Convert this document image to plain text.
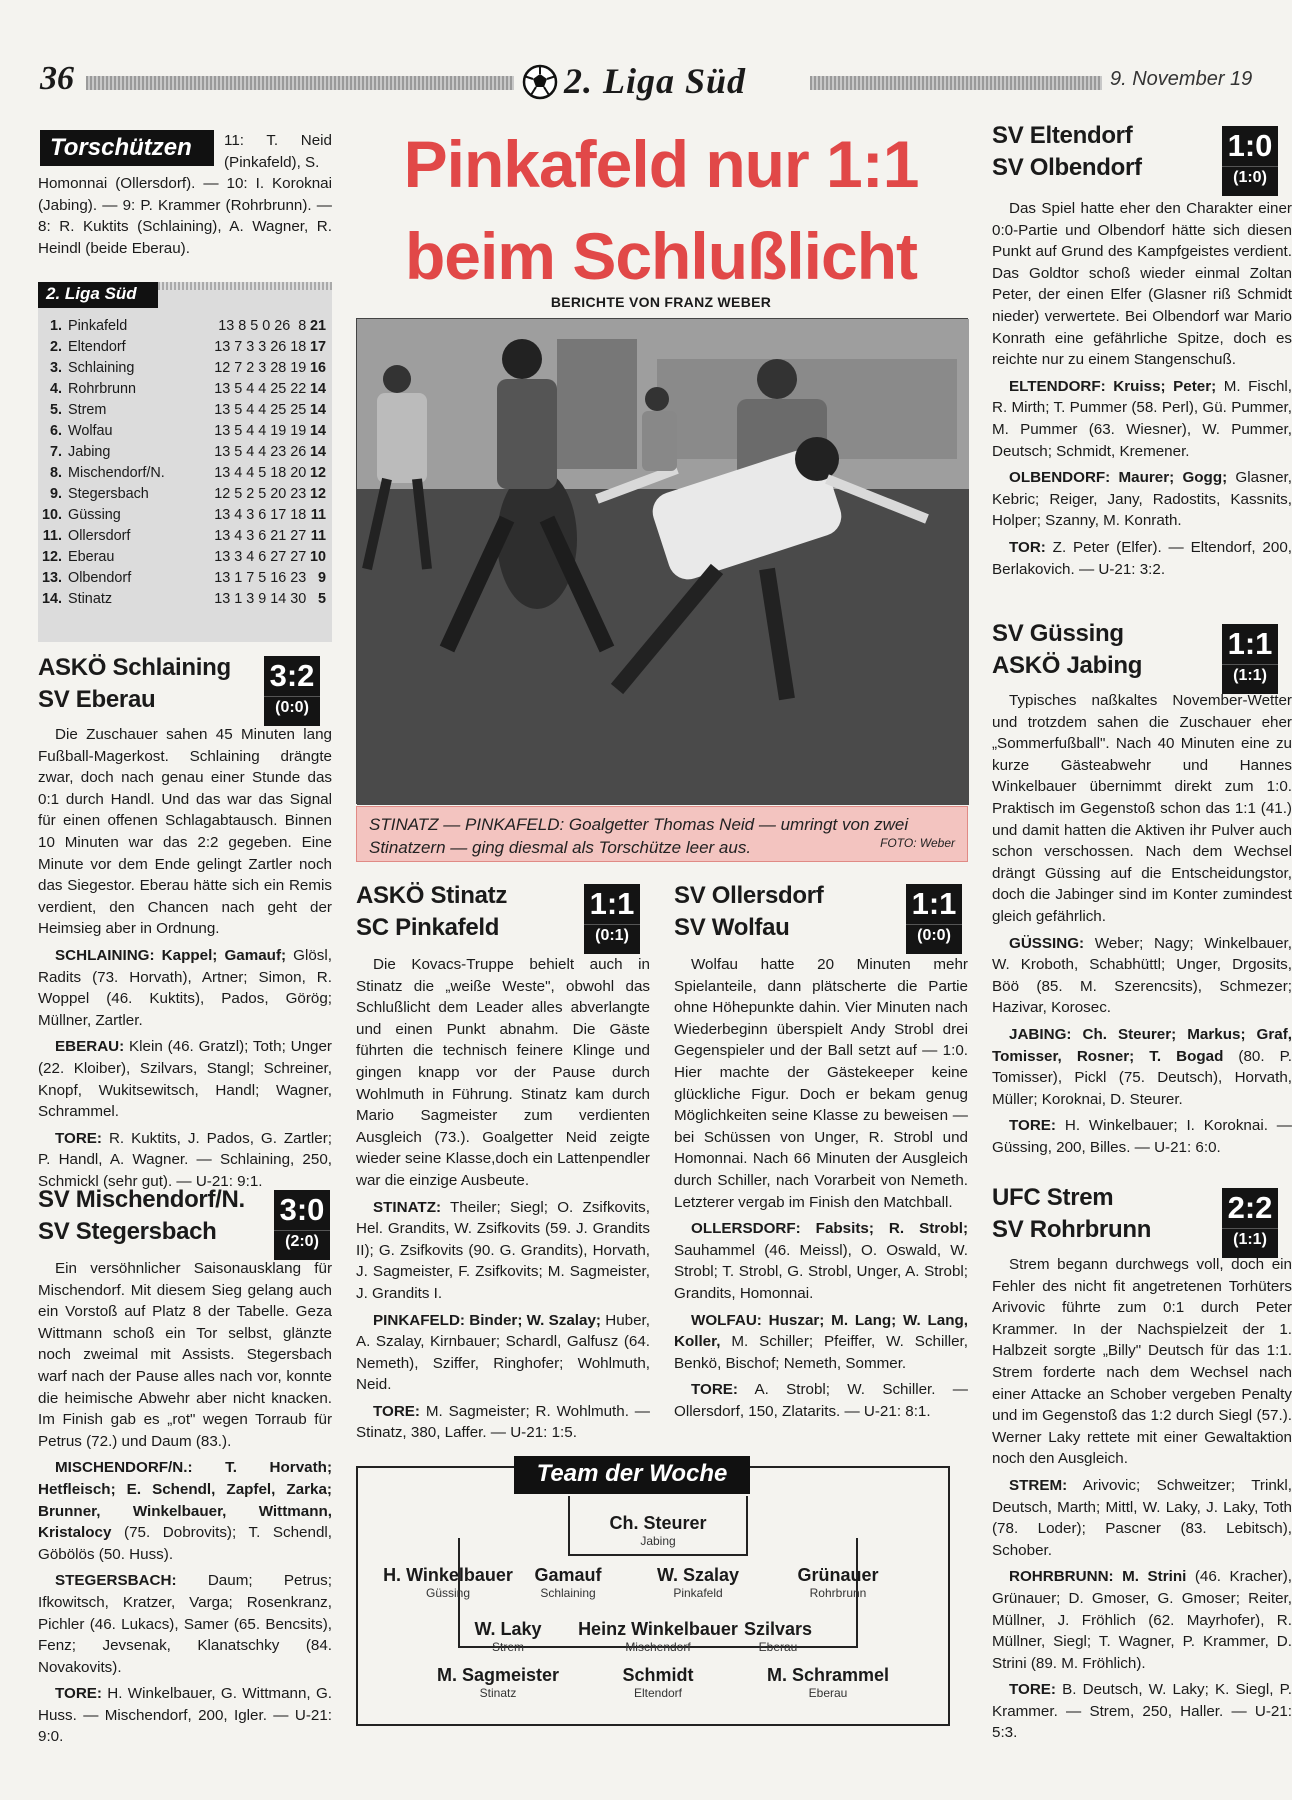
36	2. Liga Süd	9. November 19
Torschützen	11: T. Neid (Pinkafeld), S.
Homonnai (Ollersdorf). — 10: I. Koroknai (Jabing). — 9: P. Krammer (Rohrbrunn). — 8: R. Kuktits (Schlaining), A. Wagner, R. Heindl (beide Eberau).
2. Liga Süd
1.	Pinkafeld	13 8 5 0 26  8	21
2.	Eltendorf	13 7 3 3 26 18	17
3.	Schlaining	12 7 2 3 28 19	16
4.	Rohrbrunn	13 5 4 4 25 22	14
5.	Strem	13 5 4 4 25 25	14
6.	Wolfau	13 5 4 4 19 19	14
7.	Jabing	13 5 4 4 23 26	14
8.	Mischendorf/N.	13 4 4 5 18 20	12
9.	Stegersbach	12 5 2 5 20 23	12
10.	Güssing	13 4 3 6 17 18	11
11.	Ollersdorf	13 4 3 6 21 27	11
12.	Eberau	13 3 4 6 27 27	10
13.	Olbendorf	13 1 7 5 16 23	9
14.	Stinatz	13 1 3 9 14 30	5
ASKÖ Schlaining
SV Eberau
3:2
(0:0)

Die Zuschauer sahen 45 Minuten lang Fußball-Magerkost. Schlaining drängte zwar, doch nach genau einer Stunde das 0:1 durch Handl. Und das war das Signal für einen offenen Schlagabtausch. Binnen 10 Minuten war das 2:2 gegeben. Eine Minute vor dem Ende gelingt Zartler noch das Siegestor. Eberau hätte sich ein Remis verdient, den Chancen nach geht der Heimsieg aber in Ordnung.

SCHLAINING: Kappel; Gamauf; Glösl, Radits (73. Horvath), Artner; Simon, R. Woppel (46. Kuktits), Pados, Görög; Müllner, Zartler.

EBERAU: Klein (46. Gratzl); Toth; Unger (22. Kloiber), Szilvars, Stangl; Schreiner, Knopf, Wukitsewitsch, Handl; Wagner, Schrammel.

TORE: R. Kuktits, J. Pados, G. Zartler; P. Handl, A. Wagner. — Schlaining, 250, Schmickl (sehr gut). — U-21: 9:1.

SV Mischendorf/N.
SV Stegersbach
3:0
(2:0)

Ein versöhnlicher Saisonausklang für Mischendorf. Mit diesem Sieg gelang auch ein Vorstoß auf Platz 8 der Tabelle. Geza Wittmann schoß ein Tor selbst, glänzte noch zweimal mit Assists. Stegersbach warf nach der Pause alles nach vor, konnte die heimische Abwehr aber nicht knacken. Im Finish gab es „rot" wegen Torraub für Petrus (72.) und Daum (83.).

MISCHENDORF/N.: T. Horvath; Hetfleisch; E. Schendl, Zapfel, Zarka; Brunner, Winkelbauer, Wittmann, Kristalocy (75. Dobrovits); T. Schendl, Göbölös (50. Huss).

STEGERSBACH: Daum; Petrus; Ifkowitsch, Kratzer, Varga; Rosenkranz, Pichler (46. Lukacs), Samer (65. Bencsits), Fenz; Jevsenak, Klanatschky (84. Novakovits).

TORE: H. Winkelbauer, G. Wittmann, G. Huss. — Mischendorf, 200, Igler. — U-21: 9:0.

Pinkafeld nur 1:1
beim Schlußlicht
BERICHTE VON FRANZ WEBER
STINATZ — PINKAFELD: Goalgetter Thomas Neid — umringt von zwei Stinatzern — ging diesmal als Torschütze leer aus.	FOTO: Weber
ASKÖ Stinatz
SC Pinkafeld
1:1
(0:1)

Die Kovacs-Truppe behielt auch in Stinatz die „weiße Weste", obwohl das Schlußlicht dem Leader alles abverlangte und einen Punkt abnahm. Die Gäste führten die technisch feinere Klinge und gingen knapp vor der Pause durch Wohlmuth in Führung. Stinatz kam durch Mario Sagmeister zum verdienten Ausgleich (73.). Goalgetter Neid zeigte wieder seine Klasse,doch ein Lattenpendler war die einzige Ausbeute.

STINATZ: Theiler; Siegl; O. Zsifkovits, Hel. Grandits, W. Zsifkovits (59. J. Grandits II); G. Zsifkovits (90. G. Grandits), Horvath, J. Sagmeister, F. Zsifkovits; M. Sagmeister, J. Grandits I.

PINKAFELD: Binder; W. Szalay; Huber, A. Szalay, Kirnbauer; Schardl, Galfusz (64. Nemeth), Sziffer, Ringhofer; Wohlmuth, Neid.

TORE: M. Sagmeister; R. Wohlmuth. — Stinatz, 380, Laffer. — U-21: 1:5.

SV Ollersdorf
SV Wolfau
1:1
(0:0)

Wolfau hatte 20 Minuten mehr Spielanteile, dann plätscherte die Partie ohne Höhepunkte dahin. Vier Minuten nach Wiederbeginn überspielt Andy Strobl drei Gegenspieler und der Ball setzt auf — 1:0. Hier machte der Gästekeeper keine glückliche Figur. Doch er bekam genug Möglichkeiten seine Klasse zu beweisen — bei Schüssen von Unger, R. Strobl und Homonnai. Nach 66 Minuten der Ausgleich durch Schiller, nach Vorarbeit von Nemeth. Letzterer vergab im Finish den Matchball.

OLLERSDORF: Fabsits; R. Strobl; Sauhammel (46. Meissl), O. Oswald, W. Strobl; T. Strobl, G. Strobl, Unger, A. Strobl; Grandits, Homonnai.

WOLFAU: Huszar; M. Lang; W. Lang, Koller, M. Schiller; Pfeiffer, W. Schiller, Benkö, Bischof; Nemeth, Sommer.

TORE: A. Strobl; W. Schiller. — Ollersdorf, 150, Zlatarits. — U-21: 8:1.

Team der Woche
Ch. Steurer
Jabing
H. Winkelbauer
Güssing
Gamauf
Schlaining
W. Szalay
Pinkafeld
Grünauer
Rohrbrunn
W. Laky
Strem
Heinz Winkelbauer
Mischendorf
Szilvars
Eberau
M. Sagmeister
Stinatz
Schmidt
Eltendorf
M. Schrammel
Eberau
SV Eltendorf
SV Olbendorf
1:0
(1:0)

Das Spiel hatte eher den Charakter einer 0:0-Partie und Olbendorf hätte sich diesen Punkt auf Grund des Kampfgeistes verdient. Das Goldtor schoß wieder einmal Zoltan Peter, der einen Elfer (Glasner riß Schmidt nieder) verwertete. Bei Olbendorf war Mario Konrath eine gefährliche Spitze, doch es reichte nur zu einem Stangenschuß.

ELTENDORF: Kruiss; Peter; M. Fischl, R. Mirth; T. Pummer (58. Perl), Gü. Pummer, M. Pummer (63. Wiesner), W. Pummer, Deutsch; Schmidt, Kremener.

OLBENDORF: Maurer; Gogg; Glasner, Kebric; Reiger, Jany, Radostits, Kassnits, Holper; Szanny, M. Konrath.

TOR: Z. Peter (Elfer). — Eltendorf, 200, Berlakovich. — U-21: 3:2.

SV Güssing
ASKÖ Jabing
1:1
(1:1)

Typisches naßkaltes November-Wetter und trotzdem sahen die Zuschauer eher „Sommerfußball". Nach 40 Minuten eine zu kurze Gästeabwehr und Hannes Winkelbauer übernimmt direkt zum 1:0. Praktisch im Gegenstoß schon das 1:1 (41.) und damit hatten die Aktiven ihr Pulver auch schon verschossen. Nach dem Wechsel drängt Güssing auf die Entscheidungstor, doch die Jabinger sind im Konter zumindest gleich gefährlich.

GÜSSING: Weber; Nagy; Winkelbauer, W. Kroboth, Schabhüttl; Unger, Drgosits, Böö (85. M. Szerencsits), Schmezer; Hazivar, Korosec.

JABING: Ch. Steurer; Markus; Graf, Tomisser, Rosner; T. Bogad (80. P. Tomisser), Pickl (75. Deutsch), Horvath, Müller; Koroknai, D. Steurer.

TORE: H. Winkelbauer; I. Koroknai. — Güssing, 200, Billes. — U-21: 6:0.

UFC Strem
SV Rohrbrunn
2:2
(1:1)

Strem begann durchwegs voll, doch ein Fehler des nicht fit angetretenen Torhüters Arivovic führte zum 0:1 durch Peter Krammer. In der Nachspielzeit der 1. Halbzeit sorgte „Billy" Deutsch für das 1:1. Strem forderte nach dem Wechsel nach einer Attacke an Schober vergeben Penalty und im Gegenstoß das 1:2 durch Siegl (57.). Werner Laky rettete mit einer Gewaltaktion noch den Ausgleich.

STREM: Arivovic; Schweitzer; Trinkl, Deutsch, Marth; Mittl, W. Laky, J. Laky, Toth (78. Loder); Pascner (83. Lebitsch), Schober.

ROHRBRUNN: M. Strini (46. Kracher), Grünauer; D. Gmoser, G. Gmoser; Reiter, Müllner, J. Fröhlich (62. Mayrhofer), R. Müllner, Siegl; T. Wagner, P. Krammer, D. Strini (89. M. Fröhlich).

TORE: B. Deutsch, W. Laky; K. Siegl, P. Krammer. — Strem, 250, Haller. — U-21: 5:3.
